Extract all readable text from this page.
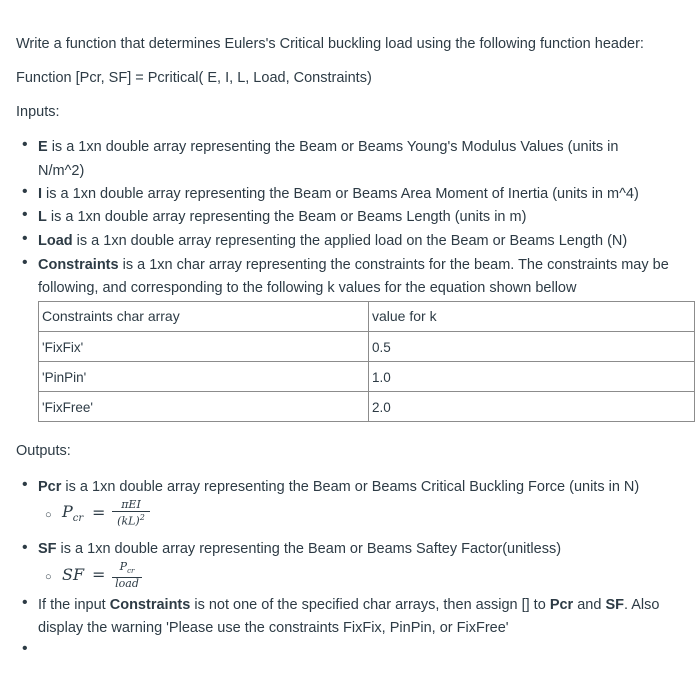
Write a function that determines Eulers's Critical buckling load using the following function header:
Function [Pcr, SF] = Pcritical( E, I, L, Load, Constraints)
Inputs:
• E is a 1xn double array representing the Beam or Beams Young's Modulus Values (units in
N/m^2)
• I is a 1xn double array representing the Beam or Beams Area Moment of Inertia (units in m^4)
• L is a 1xn double array representing the Beam or Beams Length (units in m)
• Load is a 1xn double array representing the applied load on the Beam or Beams Length (N)
• Constraints is a 1xn char array representing the constraints for the beam. The constraints may be
following, and corresponding to the following k values for the equation shown bellow
Constraints char array	value for k
'FixFix'	0.5
'PinPin'	1.0
'FixFree'	2.0
Outputs:
• Pcr is a 1xn double array representing the Beam or Beams Critical Buckling Force (units in N)
○ $P_{cr}$ =	πEI
(kL)$^2$
• SF is a 1xn double array representing the Beam or Beams Saftey Factor(unitless)
○ SF =	$P_{cr}$
load
• If the input Constraints is not one of the specified char arrays, then assign [] to Pcr and SF. Also
display the warning 'Please use the constraints FixFix, PinPin, or FixFree'
•
